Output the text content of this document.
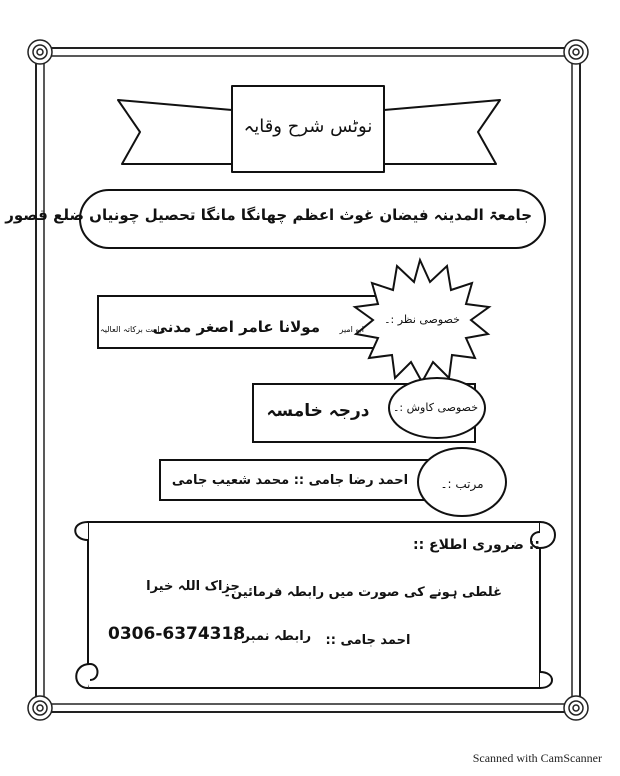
نوٹس شرح وقایہ
جامعۃ المدینہ فیضان غوث اعظم چھانگا مانگا تحصیل چونیاں ضلع قصور
خصوصی نظر :۔
ابو امیر
مولانا عامر اصغر مدنی
دامت برکاتہ العالیہ
خصوصی کاوش :۔
درجہ خامسہ
مرتب :۔
احمد رضا جامی :: محمد شعیب جامی
:: ضروری اطلاع ::
غلطی ہونے کی صورت میں رابطہ فرمائیں۔
جزاک اللہ خیرا
احمد جامی ::
رابطہ نمبر :
0306-6374318
Scanned with CamScanner
